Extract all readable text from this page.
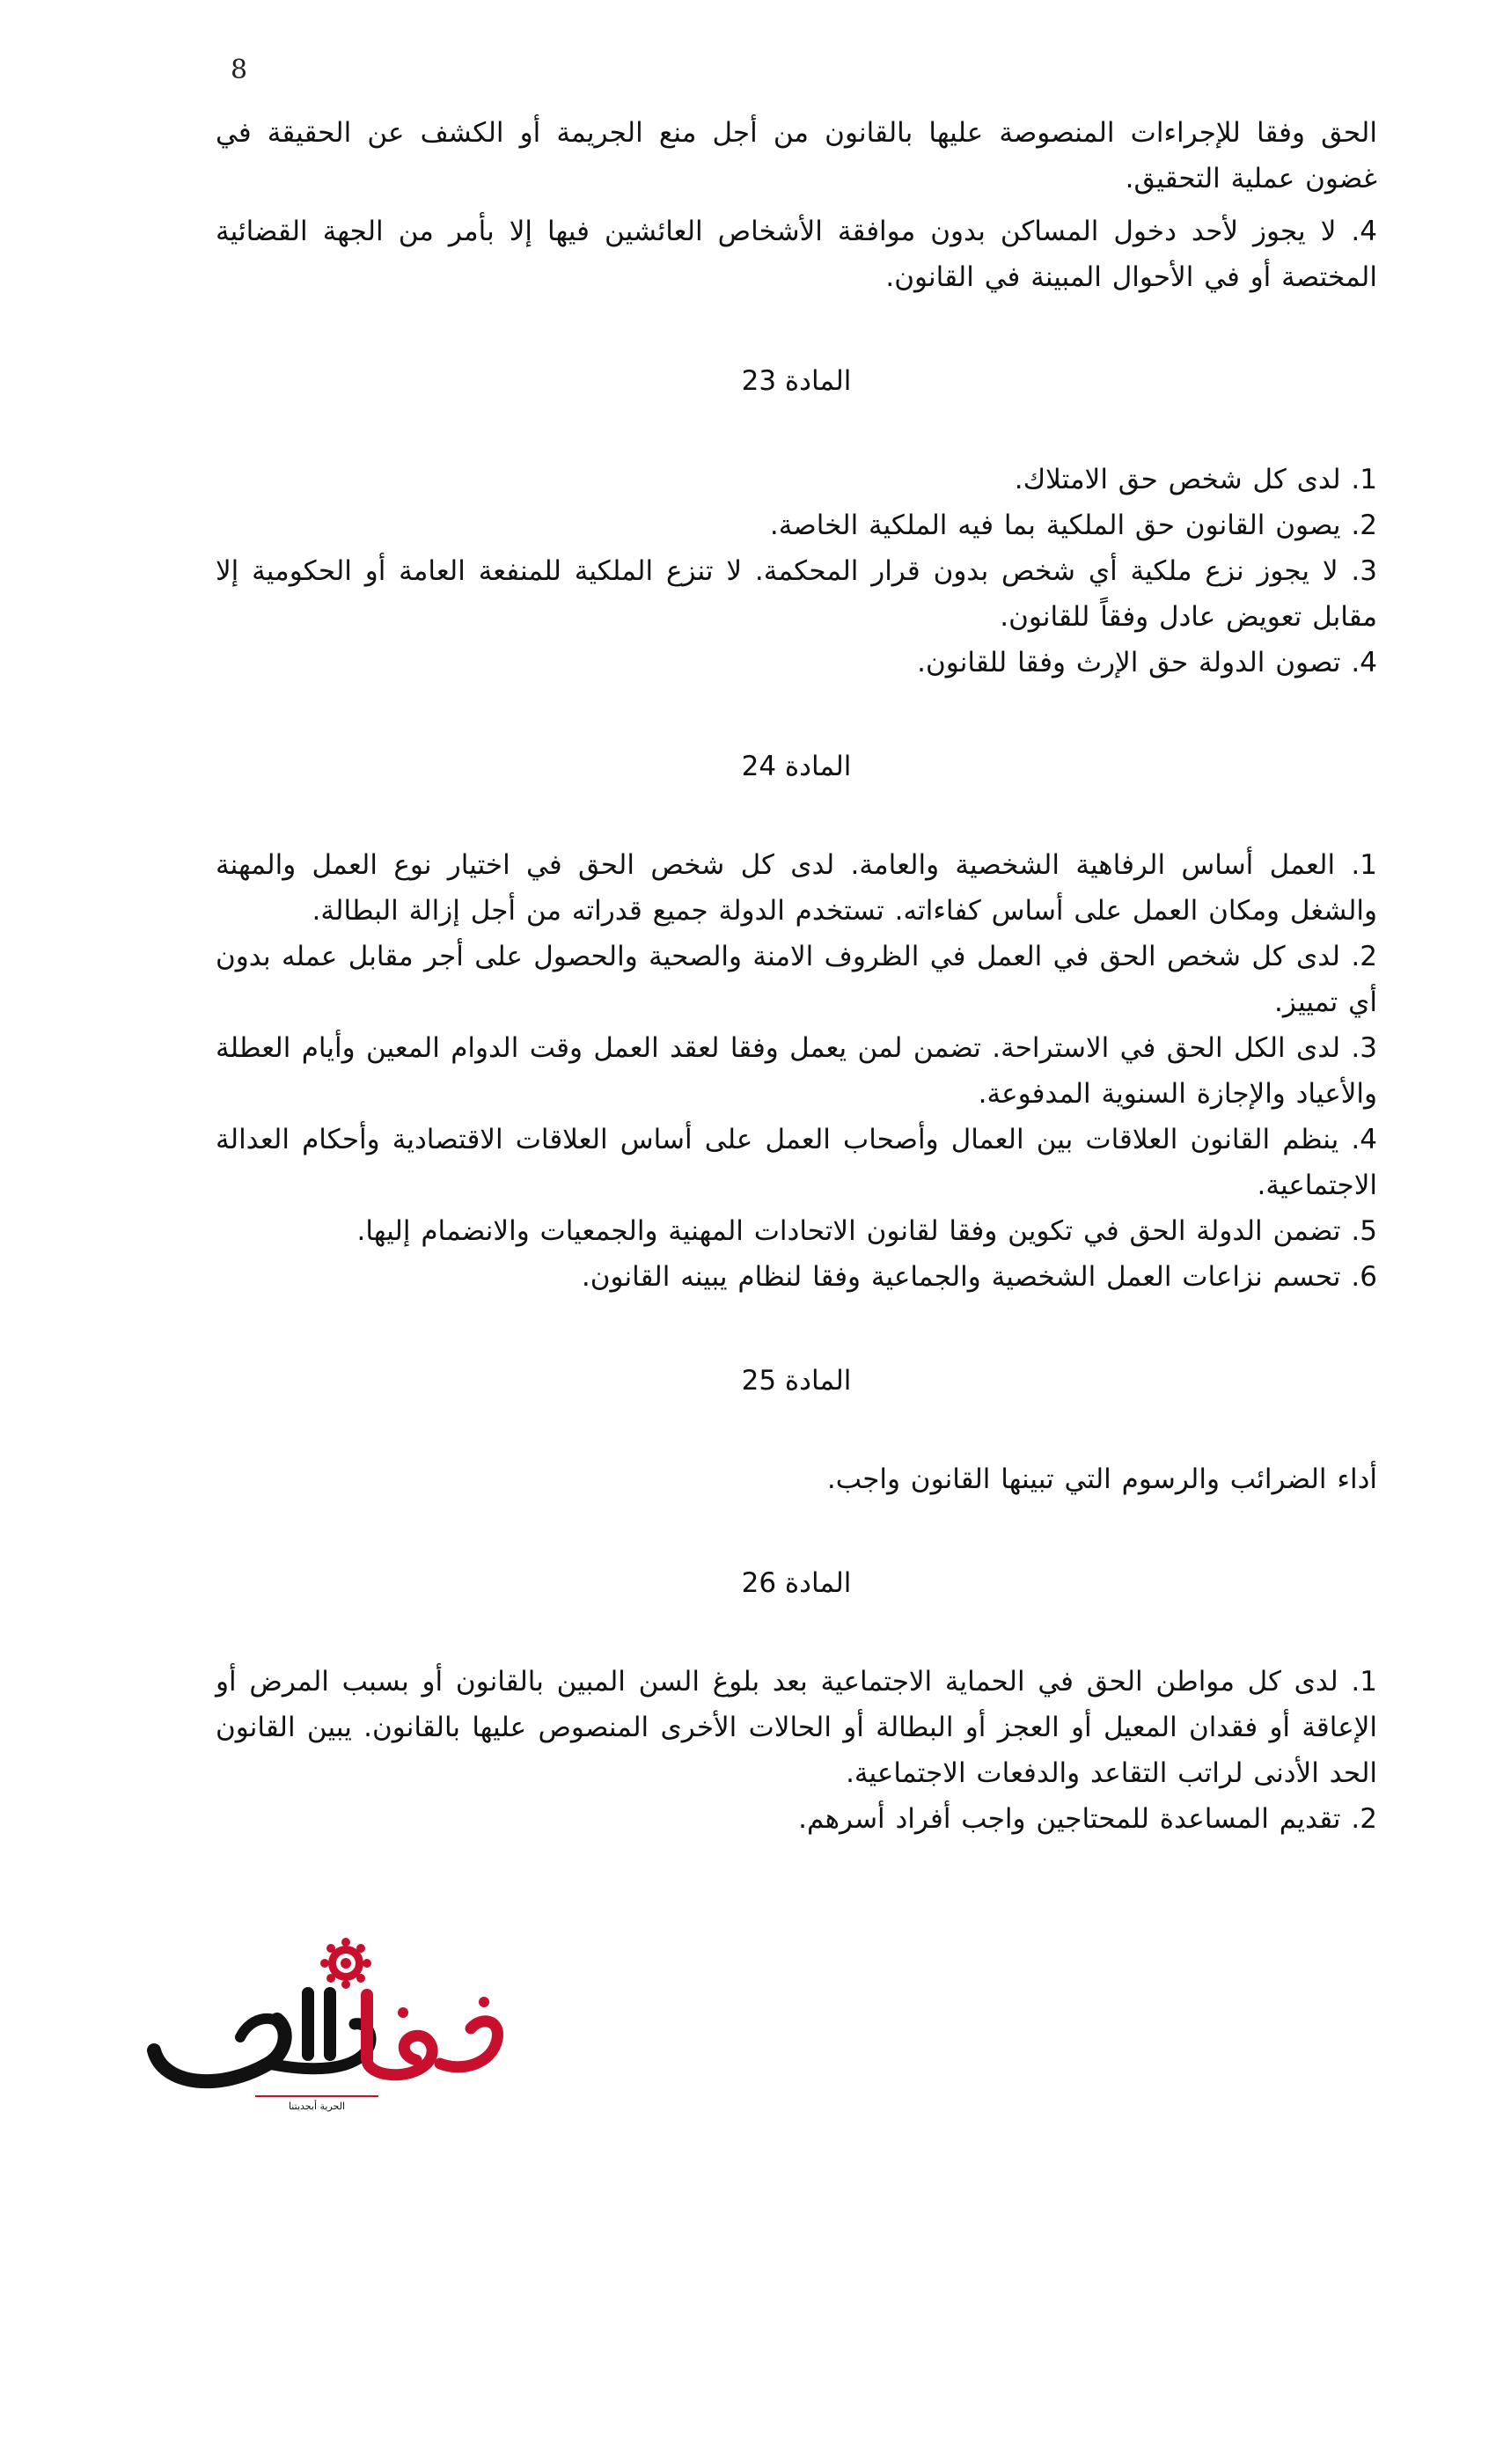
8

الحق وفقا للإجراءات المنصوصة عليها بالقانون من أجل منع الجريمة أو الكشف عن الحقيقة في غضون عملية التحقيق.

4. لا يجوز لأحد دخول المساكن بدون موافقة الأشخاص العائشين فيها إلا بأمر من الجهة القضائية المختصة أو في الأحوال المبينة في القانون.

المادة 23

1. لدى كل شخص حق الامتلاك.

2. يصون القانون حق الملكية بما فيه الملكية الخاصة.

3. لا يجوز نزع ملكية أي شخص بدون قرار المحكمة. لا تنزع الملكية للمنفعة العامة أو الحكومية إلا مقابل تعويض عادل وفقاً للقانون.

4. تصون الدولة حق الإرث وفقا للقانون.

المادة 24

1. العمل أساس الرفاهية الشخصية والعامة. لدى كل شخص الحق في اختيار نوع العمل والمهنة والشغل ومكان العمل على أساس كفاءاته. تستخدم الدولة جميع قدراته من أجل إزالة البطالة.

2. لدى كل شخص الحق في العمل في الظروف الامنة والصحية والحصول على أجر مقابل عمله بدون أي تمييز.

3. لدى الكل الحق في الاستراحة. تضمن لمن يعمل وفقا لعقد العمل وقت الدوام المعين وأيام العطلة والأعياد والإجازة السنوية المدفوعة.

4. ينظم القانون العلاقات بين العمال وأصحاب العمل على أساس العلاقات الاقتصادية وأحكام العدالة الاجتماعية.

5. تضمن الدولة الحق في تكوين وفقا لقانون الاتحادات المهنية والجمعيات والانضمام إليها.

6. تحسم نزاعات العمل الشخصية والجماعية وفقا لنظام يبينه القانون.

المادة 25

أداء الضرائب والرسوم التي تبينها القانون واجب.

المادة 26

1. لدى كل مواطن الحق في الحماية الاجتماعية بعد بلوغ السن المبين بالقانون أو بسبب المرض أو الإعاقة أو فقدان المعيل أو العجز أو البطالة أو الحالات الأخرى المنصوص عليها بالقانون. يبين القانون الحد الأدنى لراتب التقاعد والدفعات الاجتماعية.

2. تقديم المساعدة للمحتاجين واجب أفراد أسرهم.

الحرية أبجديتنا
